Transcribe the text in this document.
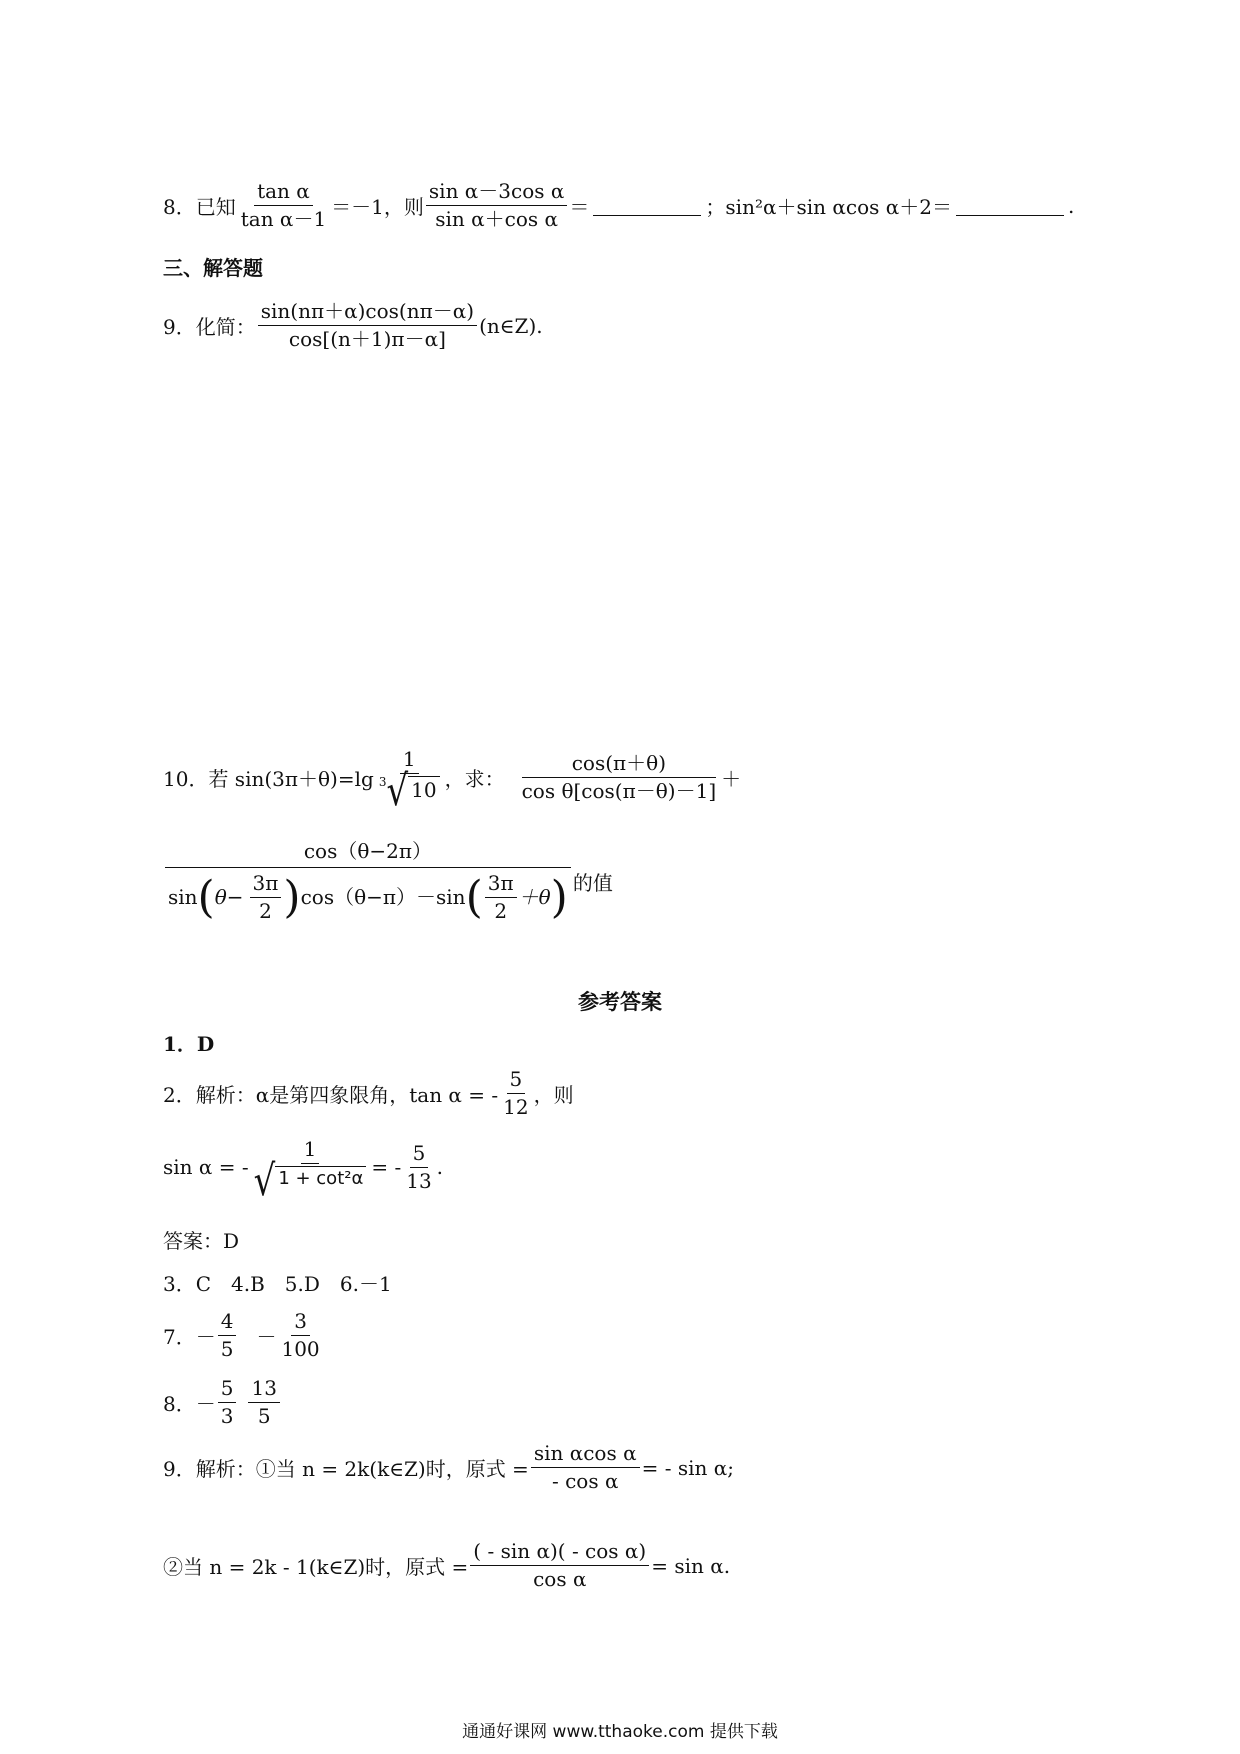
8．已知 $\frac{\text{tan α}}{\text{tan α－1}} =-1$，则 $\frac{\text{sin α－3cos α}}{\text{sin α＋cos α}}$ ＝	；sin²α＋sin αcos α＋2＝	.
三、解答题
9．化简： $\frac{\sin(n\pi+\alpha)\cos(n\pi-\alpha)}{\cos[(n+1)\pi-\alpha]}$ (n∈Z).
10．若 $\sin(3\pi+\theta)=\lg \frac{1}{3 √ 10}$ ，求： $\frac{\cos(\pi+\theta)}{\text{cos θ[cos(π－θ)－1]}}$ ＋
cos（θ−2π）
sin ( $\theta- \frac{3\pi}{2}$ ) cos（θ−π）－sin ( $\frac{3\pi}{2} +\theta$ ) 的值
参考答案
1．D
2．解析：α是第四象限角，tan α = - $\frac{5}{12}$ ，则
sin α = - $\frac{1}{\text{√ 1 + cot²α}}$ = - $\frac{5}{13}$ .
答案：D
3．C　4.B　5.D　6.－1
7．－ $\frac{4}{5} - \frac{3}{100}$
8．－ $\frac{5}{3} \frac{13}{5}$
9．解析：①当 n = 2k(k∈Z)时，原式 = $\frac{\text{sin αcos α}}{\text{- cos α}}$ = - sin α;
②当 n = 2k - 1(k∈Z)时，原式 = $\frac{\text{( - sin α)( - cos α)}}{\text{cos α}} = \sin \alpha$.
通通好课网 www.tthaoke.com 提供下载
